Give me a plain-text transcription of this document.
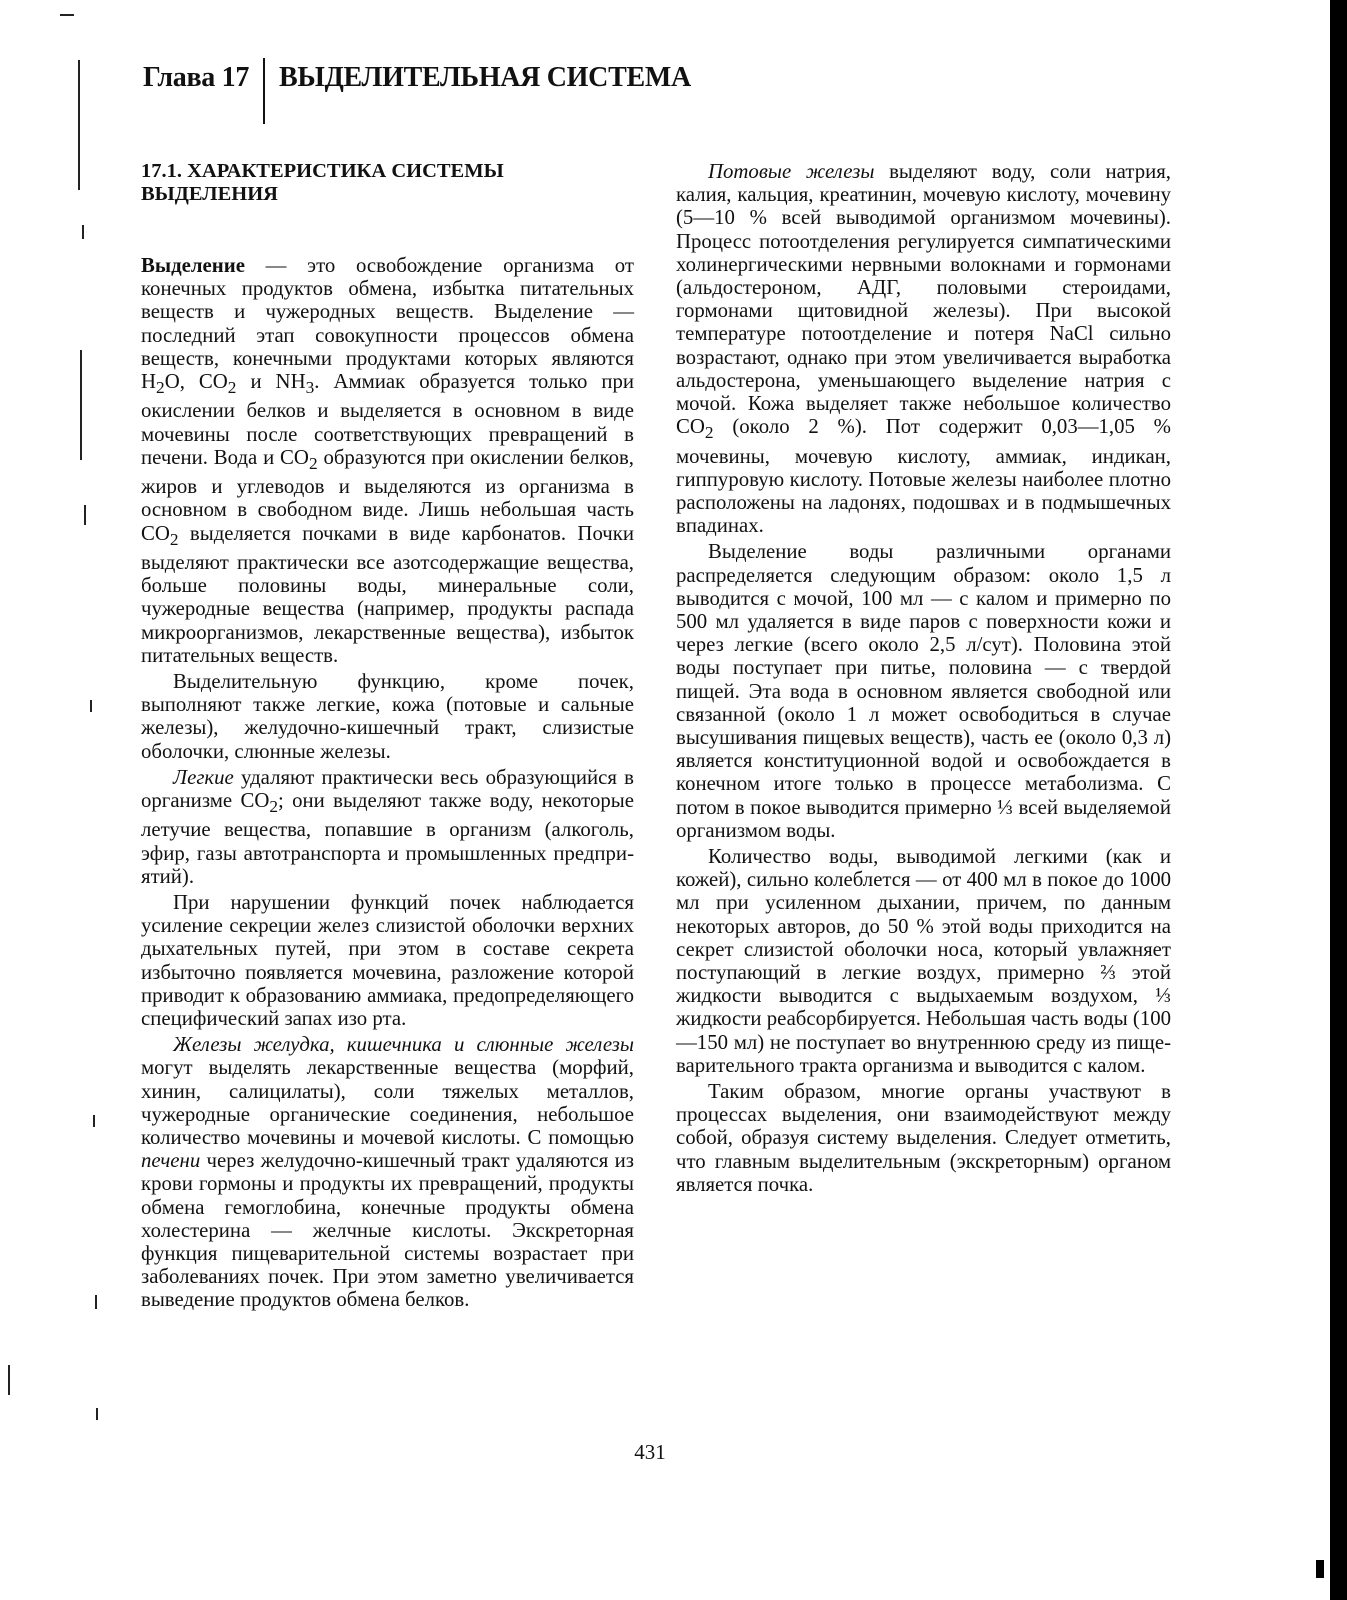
Глава 17 ВЫДЕЛИТЕЛЬНАЯ СИСТЕМА
17.1. ХАРАКТЕРИСТИКА СИСТЕМЫ
ВЫДЕЛЕНИЯ

Выделение — это освобождение организма от конечных продуктов обмена, избытка питательных веществ и чужеродных веществ. Выделение — последний этап совокупности процессов обмена веществ, конечными продуктами которых являются $H_2O$, $CO_2$ и $NH_3$. Аммиак образуется только при окислении белков и выделяется в основном в виде мочевины после соответствующих превращений в печени. Вода и $CO_2$ образуются при окислении белков, жиров и углеводов и выделяются из организма в основном в свободном виде. Лишь небольшая часть $CO_2$ выделяется почками в виде карбонатов. Почки выделяют практически все азотсодержащие вещества, больше половины воды, минеральные соли, чужеродные вещества (например, продукты распада микроорганизмов, лекарственные вещества), избыток питательных веществ.

Выделительную функцию, кроме почек, выполняют также легкие, кожа (потовые и сальные железы), желудочно-кишечный тракт, слизистые оболочки, слюнные железы.

Легкие удаляют практически весь образующийся в организме $CO_2$; они выделяют также воду, некоторые летучие вещества, попавшие в организм (алкоголь, эфир, газы автотранспорта и промышленных предприятий).

При нарушении функций почек наблюдается усиление секреции желез слизистой оболочки верхних дыхательных путей, при этом в составе секрета избыточно появляется мочевина, разложение которой приводит к образованию аммиака, предопределяющего специфический запах изо рта.

Железы желудка, кишечника и слюнные железы могут выделять лекарственные вещества (морфий, хинин, салицилаты), соли тяжелых металлов, чужеродные органические соединения, небольшое количество мочевины и мочевой кислоты. С помощью печени через желудочно-кишечный тракт удаляются из крови гормоны и продукты их превращений, продукты обмена гемоглобина, конечные продукты обмена холестерина — желчные кислоты. Экскреторная функция пищеварительной системы возрастает при заболеваниях почек. При этом заметно увеличивается выведение продуктов обмена белков.

Потовые железы выделяют воду, соли натрия, калия, кальция, креатинин, мочевую кислоту, мочевину (5—10 % всей выводимой организмом мочевины). Процесс потоотделения регулируется симпатическими холинергическими нервными волокнами и гормонами (альдостероном, АДГ, половыми стероидами, гормонами щитовидной железы). При высокой температуре потоотделение и потеря NaCl сильно возрастают, однако при этом увеличивается выработка альдостерона, уменьшающего выделение натрия с мочой. Кожа выделяет также небольшое количество $CO_2$ (около 2 %). Пот содержит 0,03—1,05 % мочевины, мочевую кислоту, аммиак, индикан, гиппуровую кислоту. Потовые железы наиболее плотно расположены на ладонях, подошвах и в подмышечных впадинах.

Выделение воды различными органами распределяется следующим образом: около 1,5 л выводится с мочой, 100 мл — с калом и примерно по 500 мл удаляется в виде паров с поверхности кожи и через легкие (всего около 2,5 л/сут). Половина этой воды поступает при питье, половина — с твердой пищей. Эта вода в основном является свободной или связанной (около 1 л может освободиться в случае высушивания пищевых веществ), часть ее (около 0,3 л) является конституционной водой и освобождается в конечном итоге только в процессе метаболизма. С потом в покое выводится примерно ⅓ всей выделяемой организмом воды.

Количество воды, выводимой легкими (как и кожей), сильно колеблется — от 400 мл в покое до 1000 мл при усиленном дыхании, причем, по данным некоторых авторов, до 50 % этой воды приходится на секрет слизистой оболочки носа, который увлажняет поступающий в легкие воздух, примерно ⅔ этой жидкости выводится с выдыхаемым воздухом, ⅓ жидкости реабсорбируется. Небольшая часть воды (100—150 мл) не поступает во внутреннюю среду из пищеварительного тракта организма и выводится с калом.

Таким образом, многие органы участвуют в процессах выделения, они взаимодействуют между собой, образуя систему выделения. Следует отметить, что главным выделительным (экскреторным) органом является почка.

431
